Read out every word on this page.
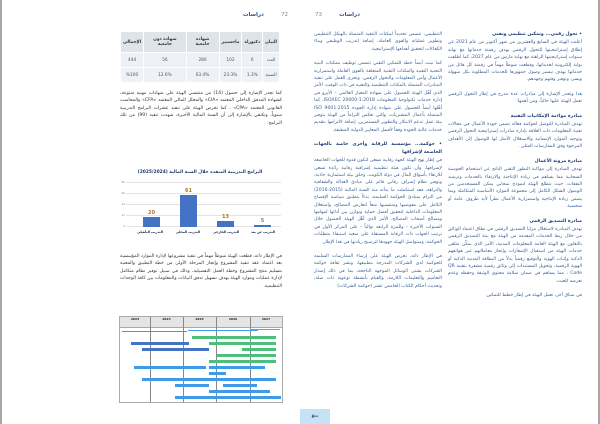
دراسات	72
البيان	دكتوراة	ماجستير	شهادة جامعية	شهادة دون جامعية	الإجمالي
العدد	6	102	280	56	444
النسبة	1.3%	23.3%	63.4%	12.6%	%100

كما تجدر الإشارة إلى حصول (14) من منتسبي الهيئة على شهادات مهنية متنوعة، كشهادة المدقق الداخلي المعتمد «CIA» والمحلل المالي المعتمد «CFA» والمحاسب القانوني المعتمد «CPA» ، كما تحرص الهيئة على تنفيذ عشرات البرامج التدريبية سنوياً، ونكتفي بالإشارة إلى أن السنة المالية الأخيرة، شهدت تنفيذ (99) من تلك البرامج:

البرامج التدريبية المنفذة خلال السنة المالية (2025/2024)
80
60
40
20
0
20
61
13
5
التدريب التأهيلي	التدريب المحلي	التدريب الخارجي	التدريب عن بعد

في الإطار ذاته، قطعت الهيئة شوطاً مهماً في تنفيذ مشروعها لإدارة الموارد المؤسسية بعد اعتماد عقد تنفيذ المشروع وإنجاز المرحلة الأولى من خطة التطبيق والمعنية بتسليم منتج المشروع وخطة العمل التفصيلية، وذلك في سبيل توفير نظام متكامل لإدارة عمليات وموارد الهيئة بهدف تسهيل تدفق البيانات والمعلومات بين كافة الوحدات التنظيمية.

2023	2024	2025	2026	2027
73	دراسات
• تحول رقمي... وتمكين تنظيمي وتقني

أعلنت الهيئة في السابع والعشرين من شهر أكتوبر من عام 2021 عن إطلاق إستراتيجيتها للتحول الرقمي بهدف رقمنة خدماتها مع نهاية سنوات إستراتيجيتها الراهنة مع نهاية مارس من عام 2027، كما أطلقت بوابة إلكترونية لخدماتها، وقطعت شوطاً مهماً في رقمنة كل هائل من خدماتها بهدف تيسير وصول جمهورها للخدمات المطلوبة بكل سهولة ويسر، وتوفير وقتهم وجهدهم.

هذا وتجدر الإشارة إلى مبادرات عدة تندرج في إطار التحول الرقمي تعمل الهيئة عليها حالياً، ومن أهمها:

مبادرة مواءمة الإمكانيات التقنية

تهدف المبادرة للتوصل لحوكمة فعالة تضمن جودة الأعمال في مجالات تقنية المعلومات ذات العلاقة بإدارة مبادرات إستراتيجية التحول الرقمي وتوجيه الموارد الإنسانية والاستغلال الأمثل لها للوصول إلى الأهداف المرجوة وفق الممارسات المثلى.

مبادرة مرونة الأعمال

تهدف المبادرة إلى مواكبة التطور التقني الناتج عن استخدام الحوسبة السحابية مما يساهم في زيادة الإنتاجية والارتقاء بالخدمات وترشيد النفقات، حيث تتطلع الهيئة لنموذج سحابي يمكن المستخدمين من الوصول الشكل الكامل إلى مجموعة الموارد الأساسية المتكاملة وبما يضمن زيادة الإنتاجية واستمرارية الأعمال نظراً لأية ظروف عامة أو شخصية.

مبادرة التصديق الرقمي

تهدف المبادرة لاستغلال مزايا التصديق الرقمي في نطاق اعتماد الوثائق من خلال ربط الخدمات المقدمة من الهيئة مع بيئة التصديق الرقمي بالتعاون مع الهيئة العامة للمعلومات المدنية، الأمر الذي يمكّن متلقي خدمات الهيئة من استقبال الإشعارات وإنجاز معاملاتهم عبر هواتفهم الذكية وإثبات الهوية والتوقيع رقمياً بدلاً من البطاقة المدنية الذكية أو الهوية الرقمية، وتحويل المستندات إلى وثائق رقمية مشفرة بتقنية QR Code ، مما يساهم في ضمان سلامة محتوى الوثيقة وحفظه وعدم تعرضه للعبث.

في سياق آخر، تعمل الهيئة في إطار خطط للتمكين

التنظيمي، تتضمن تحديداً لمكنات التنفيذ المتصلة بالهيكل التنظيمي وتطوير عملياته والقوى العاملة، إضافة لتدريب الوظيفي وبناء الكفاءات لتحقيق أهدافها الإستراتيجية.

كما تبنت أيضاً خطة للتمكين التقني تتضمن توظيف ممكنات البنية التحتية التقنية والمكنات التقنية المتعلقة بالقوى العاملة واستمرارية الأعمال وأمن المعلومات والتحول الرقمي. وتجري العمل على تنفيذ المبادرات المتصلة بالمكنات التنظيمية والتقنية في ذات الوقت، الأمر الذي أهّل الهيئة للحصول على شهادة المعيار العالمي – الأيزو في إدارة خدمات تكنولوجيا المعلومات ISO/IEC 20000-1:2018، كما أهّلها أيضاً للحصول على شهادة إدارة الجودة ISO 9001:2015 المتصلة بأعمال المشتريات، والتي تعكس التزاماً من الهيئة بتوفير بيئة عمل تدعم الابتكار والتطوير المستمرين، إضافة لالتزامها بتقديم خدمات عالية الجودة وفقاً لأفضل المعايير الدولية المطبقة.

• حوكمة... مؤسسية للرقابة وأخرى خاصة بالجهات الخاضعة لإشرافها

في إطار نهج الهيئة كجهة رقابية تسعى لتكون قدوة للجهات الخاضعة لإشرافها، وأن تكون هيئة تنظيمية إشرافية رقابية رائدة تسعى للارتقاء بأسواق المال في دولة الكويت، وخلق بيئة استثمارية جاذبة، وتوفير نظام إشراف رقابي قائم على مبادئ العدالة والشفافية والنزاهة، فقد استكملت ما بدأته منذ السنة المالية (2015-2016) من التزام بمبادئ الحوكمة السليمة، بدءاً بتطبيق سياسة الإفصاح الكامل على مفوضيها ومنتسبيها منعاً لتعارض المصالح، واستغلال المعلومات الداخلية لتحقيق أفضل حماية وتوازن بين أدائها لمهامها ومصالح أصحاب المصالح، الأمر الذي أهّل الهيئة الحصول خلال السنوات الأخيرة - وللمرة الرابعة توالياً - على المركز الأول في ترتيب الجهات ذات الرقابة المستقلة على صعيد استيفاء متطلبات الحوكمة، وستواصل الهيئة جهودها لترسيخ ريادتها في هذا الإطار.

في الإطار ذاته، تحرص الهيئة على إرساء الممارسات السليمة للحوكمة لدى الشركات المدرجة بتطبيقها، ونشر ثقافة حوكمة الشركات بشتى الوسائل الموجهة الناجحة، بما في ذلك إصدار التعاميم والتعليمات اللازمة، والقيام بأنشطة توعوية ذات صلة، وتحديث أحكام الكتاب الخامس عشر (حوكمة الشركات)

←
